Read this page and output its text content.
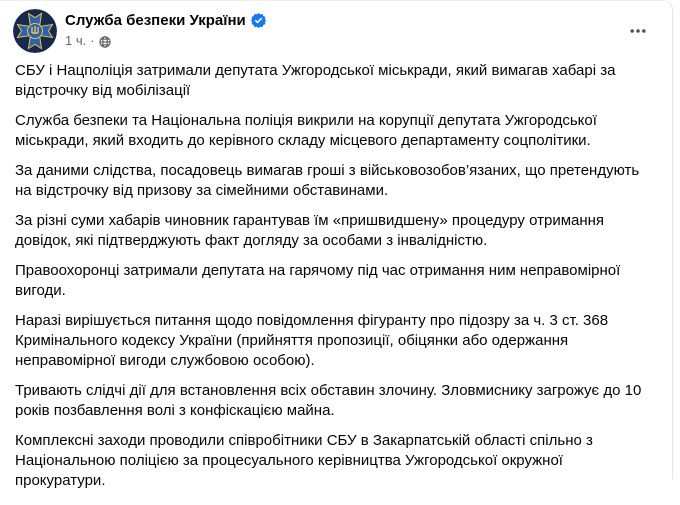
Служба безпеки України
1 ч. ·
СБУ і Нацполіція затримали депутата Ужгородської міськради, який вимагав хабарі за відстрочку від мобілізації
Служба безпеки та Національна поліція викрили на корупції депутата Ужгородської міськради, який входить до керівного складу місцевого департаменту соцполітики.
За даними слідства, посадовець вимагав гроші з військовозобов’язаних, що претендують на відстрочку від призову за сімейними обставинами.
За різні суми хабарів чиновник гарантував їм «пришвидшену» процедуру отримання довідок, які підтверджують факт догляду за особами з інвалідністю.
Правоохоронці затримали депутата на гарячому під час отримання ним неправомірної вигоди.
Наразі вирішується питання щодо повідомлення фігуранту про підозру за ч. 3 ст. 368 Кримінального кодексу України (прийняття пропозиції, обіцянки або одержання неправомірної вигоди службовою особою).
Тривають слідчі дії для встановлення всіх обставин злочину. Зловмиснику загрожує до 10 років позбавлення волі з конфіскацією майна.
Комплексні заходи проводили співробітники СБУ в Закарпатській області спільно з Національною поліцією за процесуального керівництва Ужгородської окружної прокуратури.
